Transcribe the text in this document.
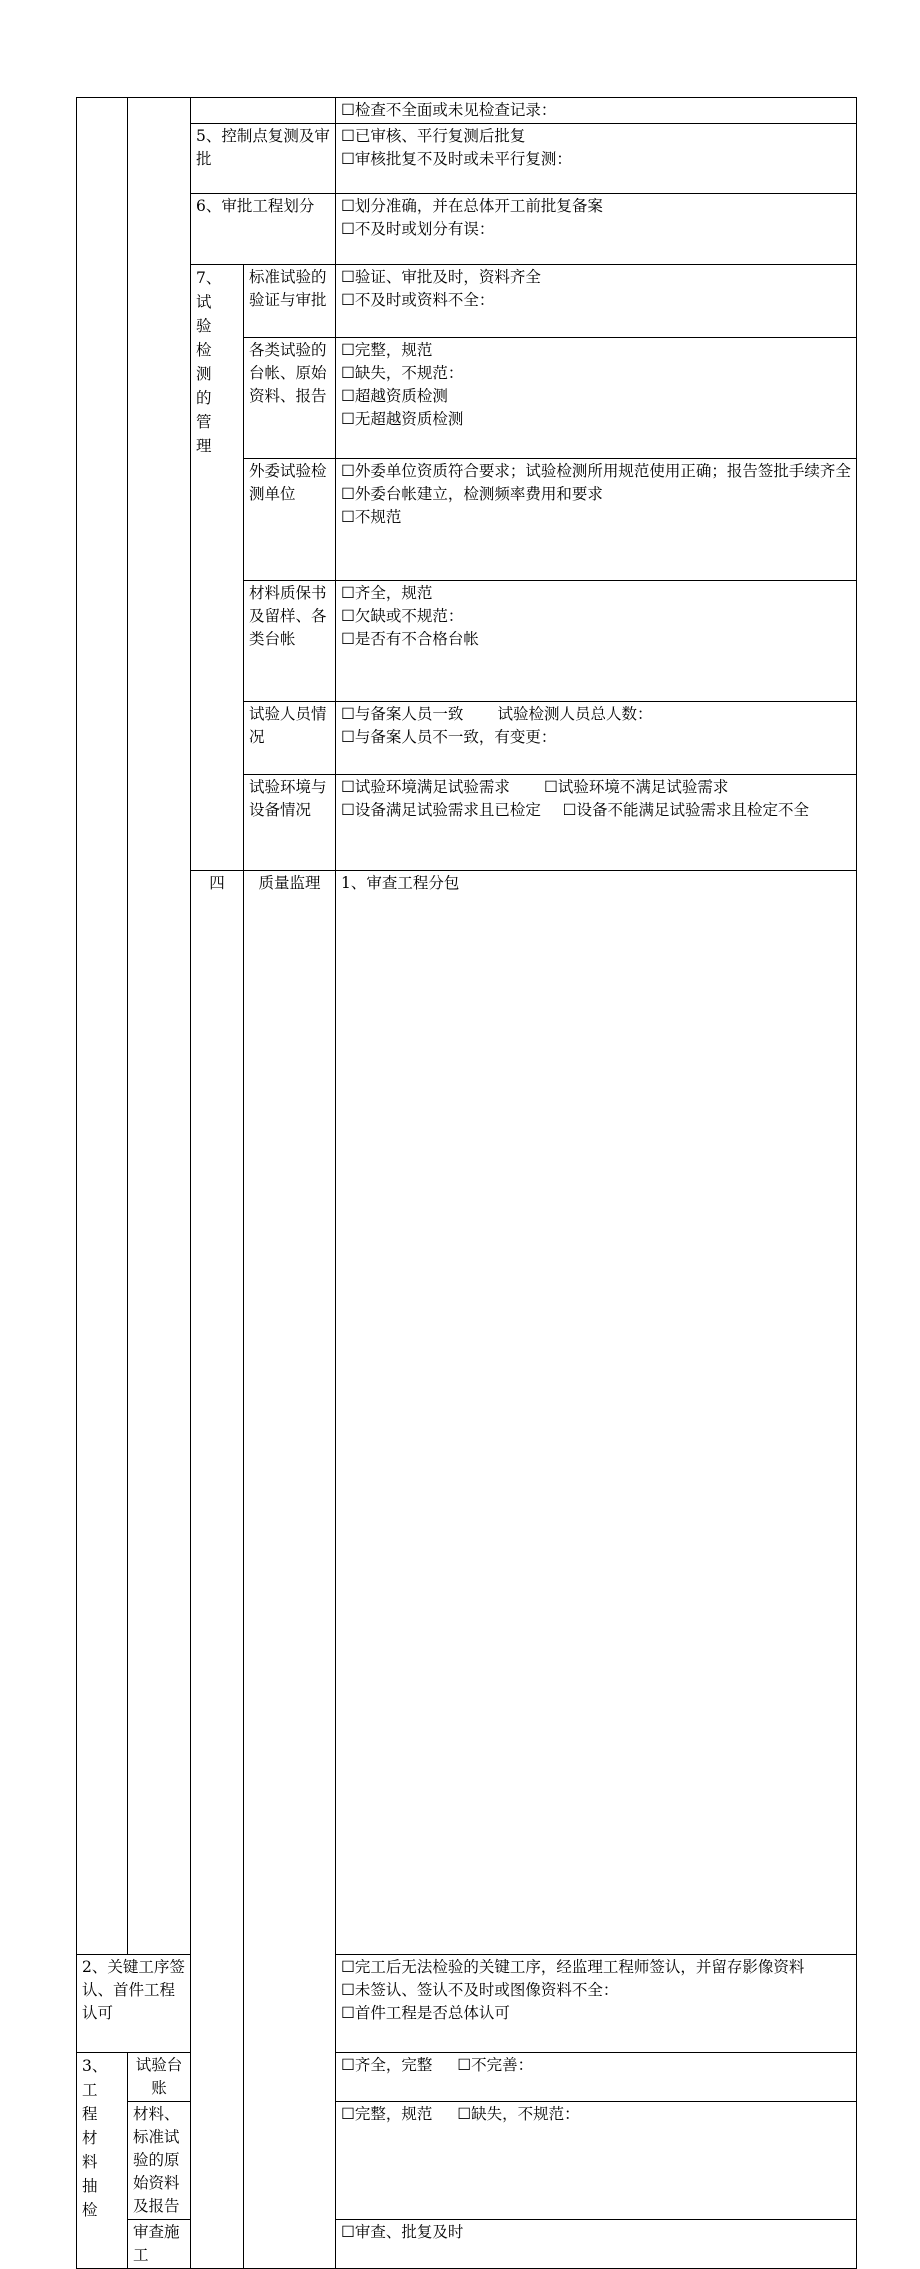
				☐检查不全面或未见检查记录：	

		5、控制点复测及审批		☐已审核、平行复测后批复
☐审核批复不及时或未平行复测：	

		6、审批工程划分		☐划分准确，并在总体开工前批复备案
☐不及时或划分有误：	

		7、试验检测的管理	标准试验的验证与审批	☐验证、审批及时，资料齐全
☐不及时或资料不全：	

			各类试验的台帐、原始资料、报告	☐完整，规范
☐缺失，不规范：
☐超越资质检测
☐无超越资质检测	

			外委试验检测单位	☐外委单位资质符合要求；试验检测所用规范使用正确；报告签批手续齐全
☐外委台帐建立，检测频率费用和要求
☐不规范	

			材料质保书及留样、各类台帐	☐齐全，规范
☐欠缺或不规范：
☐是否有不合格台帐	

			试验人员情况	☐与备案人员一致 试验检测人员总人数：
☐与备案人员不一致，有变更：	

			试验环境与设备情况	☐试验环境满足试验需求 ☐试验环境不满足试验需求
☐设备满足试验需求且已检定 ☐设备不能满足试验需求且检定不全	

		四	质量监理	1、审查工程分包	

2、关键工序签认、首件工程认可				☐完工后无法检验的关键工序，经监理工程师签认，并留存影像资料
☐未签认、签认不及时或图像资料不全：
☐首件工程是否总体认可	

3、工程材料抽检	试验台账			☐齐全，完整 ☐不完善：	

	材料、标准试验的原始资料及报告			☐完整，规范 ☐缺失，不规范：	

	审查施工			☐审查、批复及时	
